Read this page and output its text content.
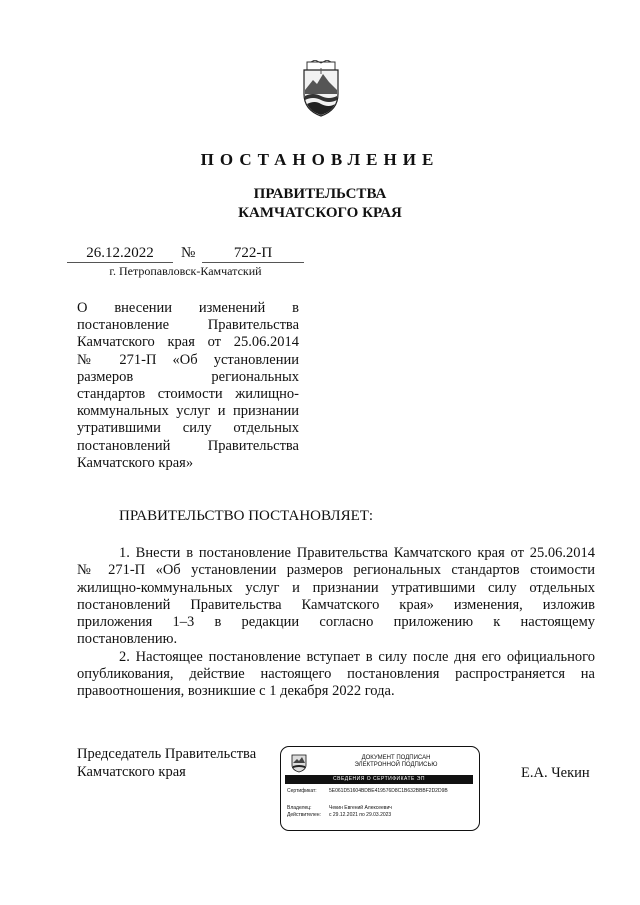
ПОСТАНОВЛЕНИЕ
ПРАВИТЕЛЬСТВА
КАМЧАТСКОГО КРАЯ
26.12.2022	№	722-П
г. Петропавловск-Камчатский
О внесении изменений в
постановление Правительства
Камчатского края от 25.06.2014
№ 271-П «Об установлении
размеров региональных
стандартов стоимости жилищно-
коммунальных услуг и признании
утратившими силу отдельных
постановлений Правительства
Камчатского края»
ПРАВИТЕЛЬСТВО ПОСТАНОВЛЯЕТ:

1. Внести в постановление Правительства Камчатского края от 25.06.2014
№ 271-П «Об установлении размеров региональных стандартов стоимости
жилищно-коммунальных услуг и признании утратившими силу отдельных
постановлений Правительства Камчатского края» изменения, изложив
приложения 1–3 в редакции согласно приложению к настоящему
постановлению.

2. Настоящее постановление вступает в силу после дня его официального
опубликования, действие настоящего постановления распространяется на
правоотношения, возникшие с 1 декабря 2022 года.

Председатель Правительства
Камчатского края	Е.А. Чекин
ДОКУМЕНТ ПОДПИСАН
ЭЛЕКТРОННОЙ ПОДПИСЬЮ
СВЕДЕНИЯ О СЕРТИФИКАТЕ ЭП
Сертификат: 5E061D51604BDBE419576D8C1B632BBBF2D2D9B
Владелец:	Чекин Евгений Алексеевич
Действителен: с 29.12.2021 по 29.03.2023
